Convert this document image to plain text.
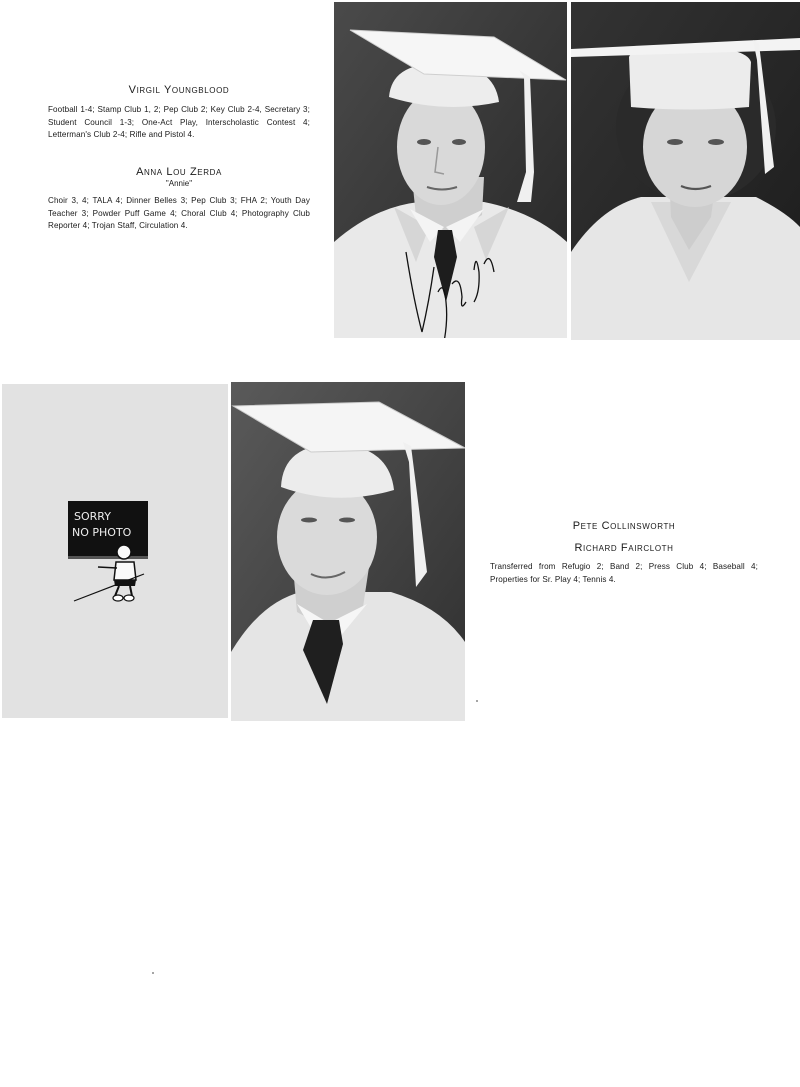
Virgil Youngblood

Football 1-4; Stamp Club 1, 2; Pep Club 2; Key Club 2-4, Secretary 3; Student Council 1-3; One-Act Play, Interscholastic Contest 4; Letterman's Club 2-4; Rifle and Pistol 4.

Anna Lou Zerda

"Annie"

Choir 3, 4; TALA 4; Dinner Belles 3; Pep Club 3; FHA 2; Youth Day Teacher 3; Powder Puff Game 4; Choral Club 4; Photography Club Reporter 4; Trojan Staff, Circulation 4.

SORRY
NO PHOTO	Pete Collinsworth

Richard Faircloth

Transferred from Refugio 2; Band 2; Press Club 4; Baseball 4; Properties for Sr. Play 4; Tennis 4.
